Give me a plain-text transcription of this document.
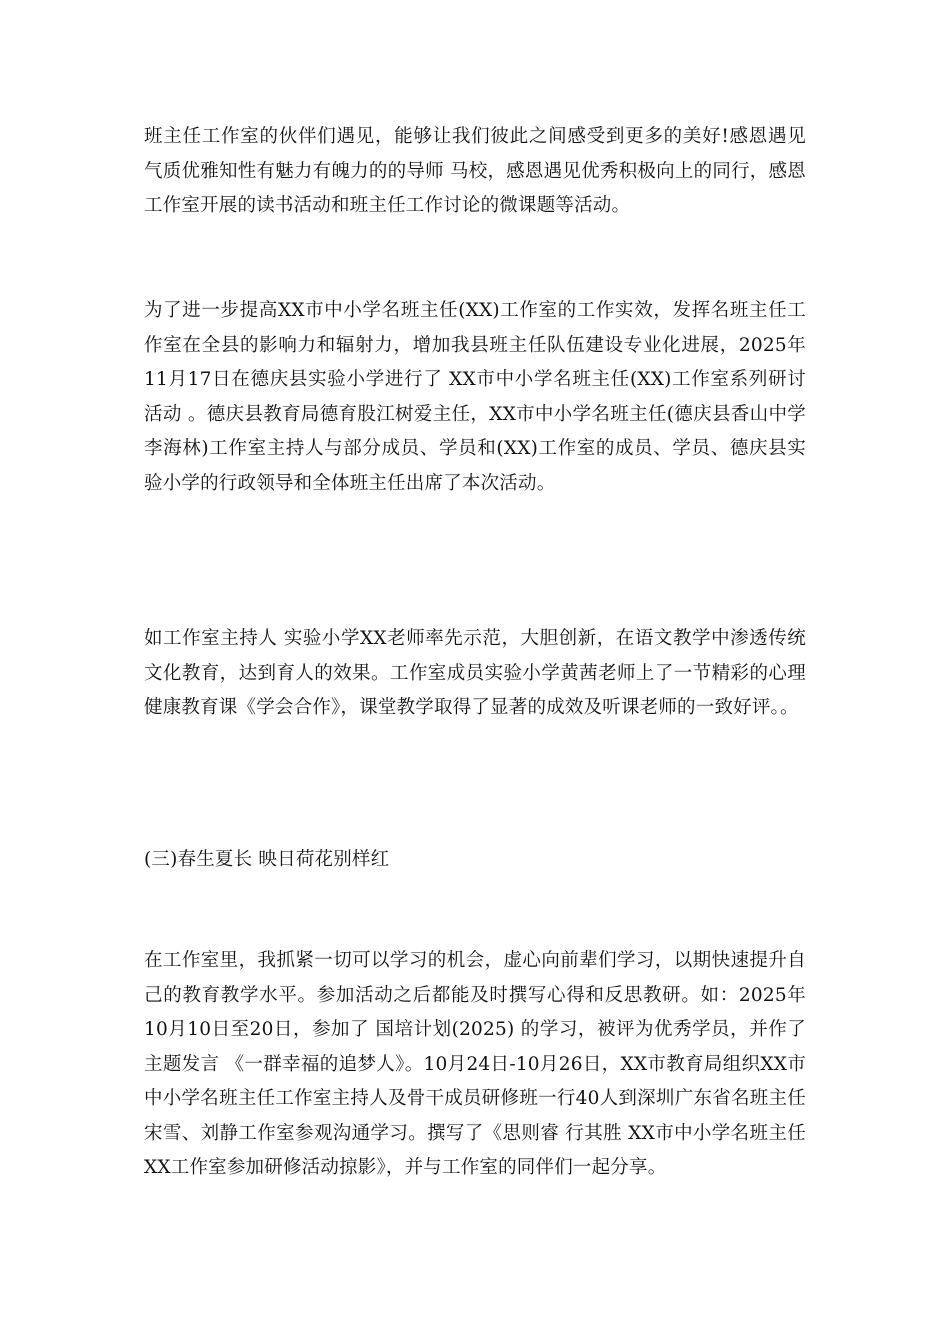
班主任工作室的伙伴们遇见，能够让我们彼此之间感受到更多的美好!感恩遇见气质优雅知性有魅力有魄力的的导师 马校，感恩遇见优秀积极向上的同行，感恩工作室开展的读书活动和班主任工作讨论的微课题等活动。

为了进一步提高XX市中小学名班主任(XX)工作室的工作实效，发挥名班主任工作室在全县的影响力和辐射力，增加我县班主任队伍建设专业化进展，2025年11月17日在德庆县实验小学进行了 XX市中小学名班主任(XX)工作室系列研讨活动 。德庆县教育局德育股江树爱主任，XX市中小学名班主任(德庆县香山中学李海林)工作室主持人与部分成员、学员和(XX)工作室的成员、学员、德庆县实验小学的行政领导和全体班主任出席了本次活动。

如工作室主持人 实验小学XX老师率先示范，大胆创新，在语文教学中渗透传统文化教育，达到育人的效果。工作室成员实验小学黄茜老师上了一节精彩的心理健康教育课《学会合作》，课堂教学取得了显著的成效及听课老师的一致好评。。

(三)春生夏长 映日荷花别样红

在工作室里，我抓紧一切可以学习的机会，虚心向前辈们学习，以期快速提升自己的教育教学水平。参加活动之后都能及时撰写心得和反思教研。如：2025年10月10日至20日，参加了 国培计划(2025) 的学习，被评为优秀学员，并作了主题发言 《一群幸福的追梦人》。10月24日-10月26日，XX市教育局组织XX市中小学名班主任工作室主持人及骨干成员研修班一行40人到深圳广东省名班主任宋雪、刘静工作室参观沟通学习。撰写了《思则睿 行其胜 XX市中小学名班主任XX工作室参加研修活动掠影》，并与工作室的同伴们一起分享。
